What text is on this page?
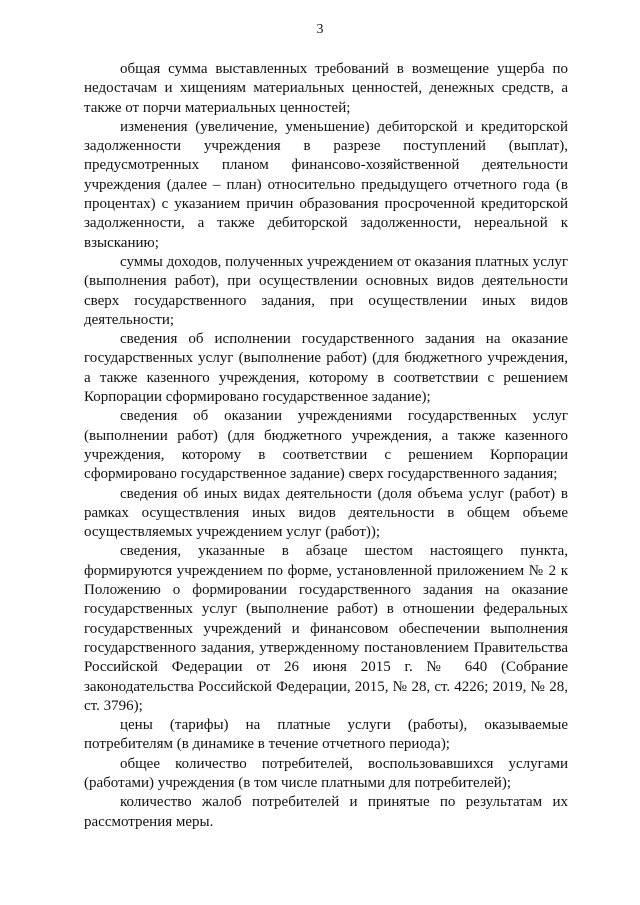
3

общая сумма выставленных требований в возмещение ущерба по недостачам и хищениям материальных ценностей, денежных средств, а также от порчи материальных ценностей;

изменения (увеличение, уменьшение) дебиторской и кредиторской задолженности учреждения в разрезе поступлений (выплат), предусмотренных планом финансово-хозяйственной деятельности учреждения (далее – план) относительно предыдущего отчетного года (в процентах) с указанием причин образования просроченной кредиторской задолженности, а также дебиторской задолженности, нереальной к взысканию;

суммы доходов, полученных учреждением от оказания платных услуг (выполнения работ), при осуществлении основных видов деятельности сверх государственного задания, при осуществлении иных видов деятельности;

сведения об исполнении государственного задания на оказание государственных услуг (выполнение работ) (для бюджетного учреждения, а также казенного учреждения, которому в соответствии с решением Корпорации сформировано государственное задание);

сведения об оказании учреждениями государственных услуг (выполнении работ) (для бюджетного учреждения, а также казенного учреждения, которому в соответствии с решением Корпорации сформировано государственное задание) сверх государственного задания;

сведения об иных видах деятельности (доля объема услуг (работ) в рамках осуществления иных видов деятельности в общем объеме осуществляемых учреждением услуг (работ));

сведения, указанные в абзаце шестом настоящего пункта, формируются учреждением по форме, установленной приложением № 2 к Положению о формировании государственного задания на оказание государственных услуг (выполнение работ) в отношении федеральных государственных учреждений и финансовом обеспечении выполнения государственного задания, утвержденному постановлением Правительства Российской Федерации от 26 июня 2015 г. № 640 (Собрание законодательства Российской Федерации, 2015, № 28, ст. 4226; 2019, № 28, ст. 3796);

цены (тарифы) на платные услуги (работы), оказываемые потребителям (в динамике в течение отчетного периода);

общее количество потребителей, воспользовавшихся услугами (работами) учреждения (в том числе платными для потребителей);

количество жалоб потребителей и принятые по результатам их рассмотрения меры.
